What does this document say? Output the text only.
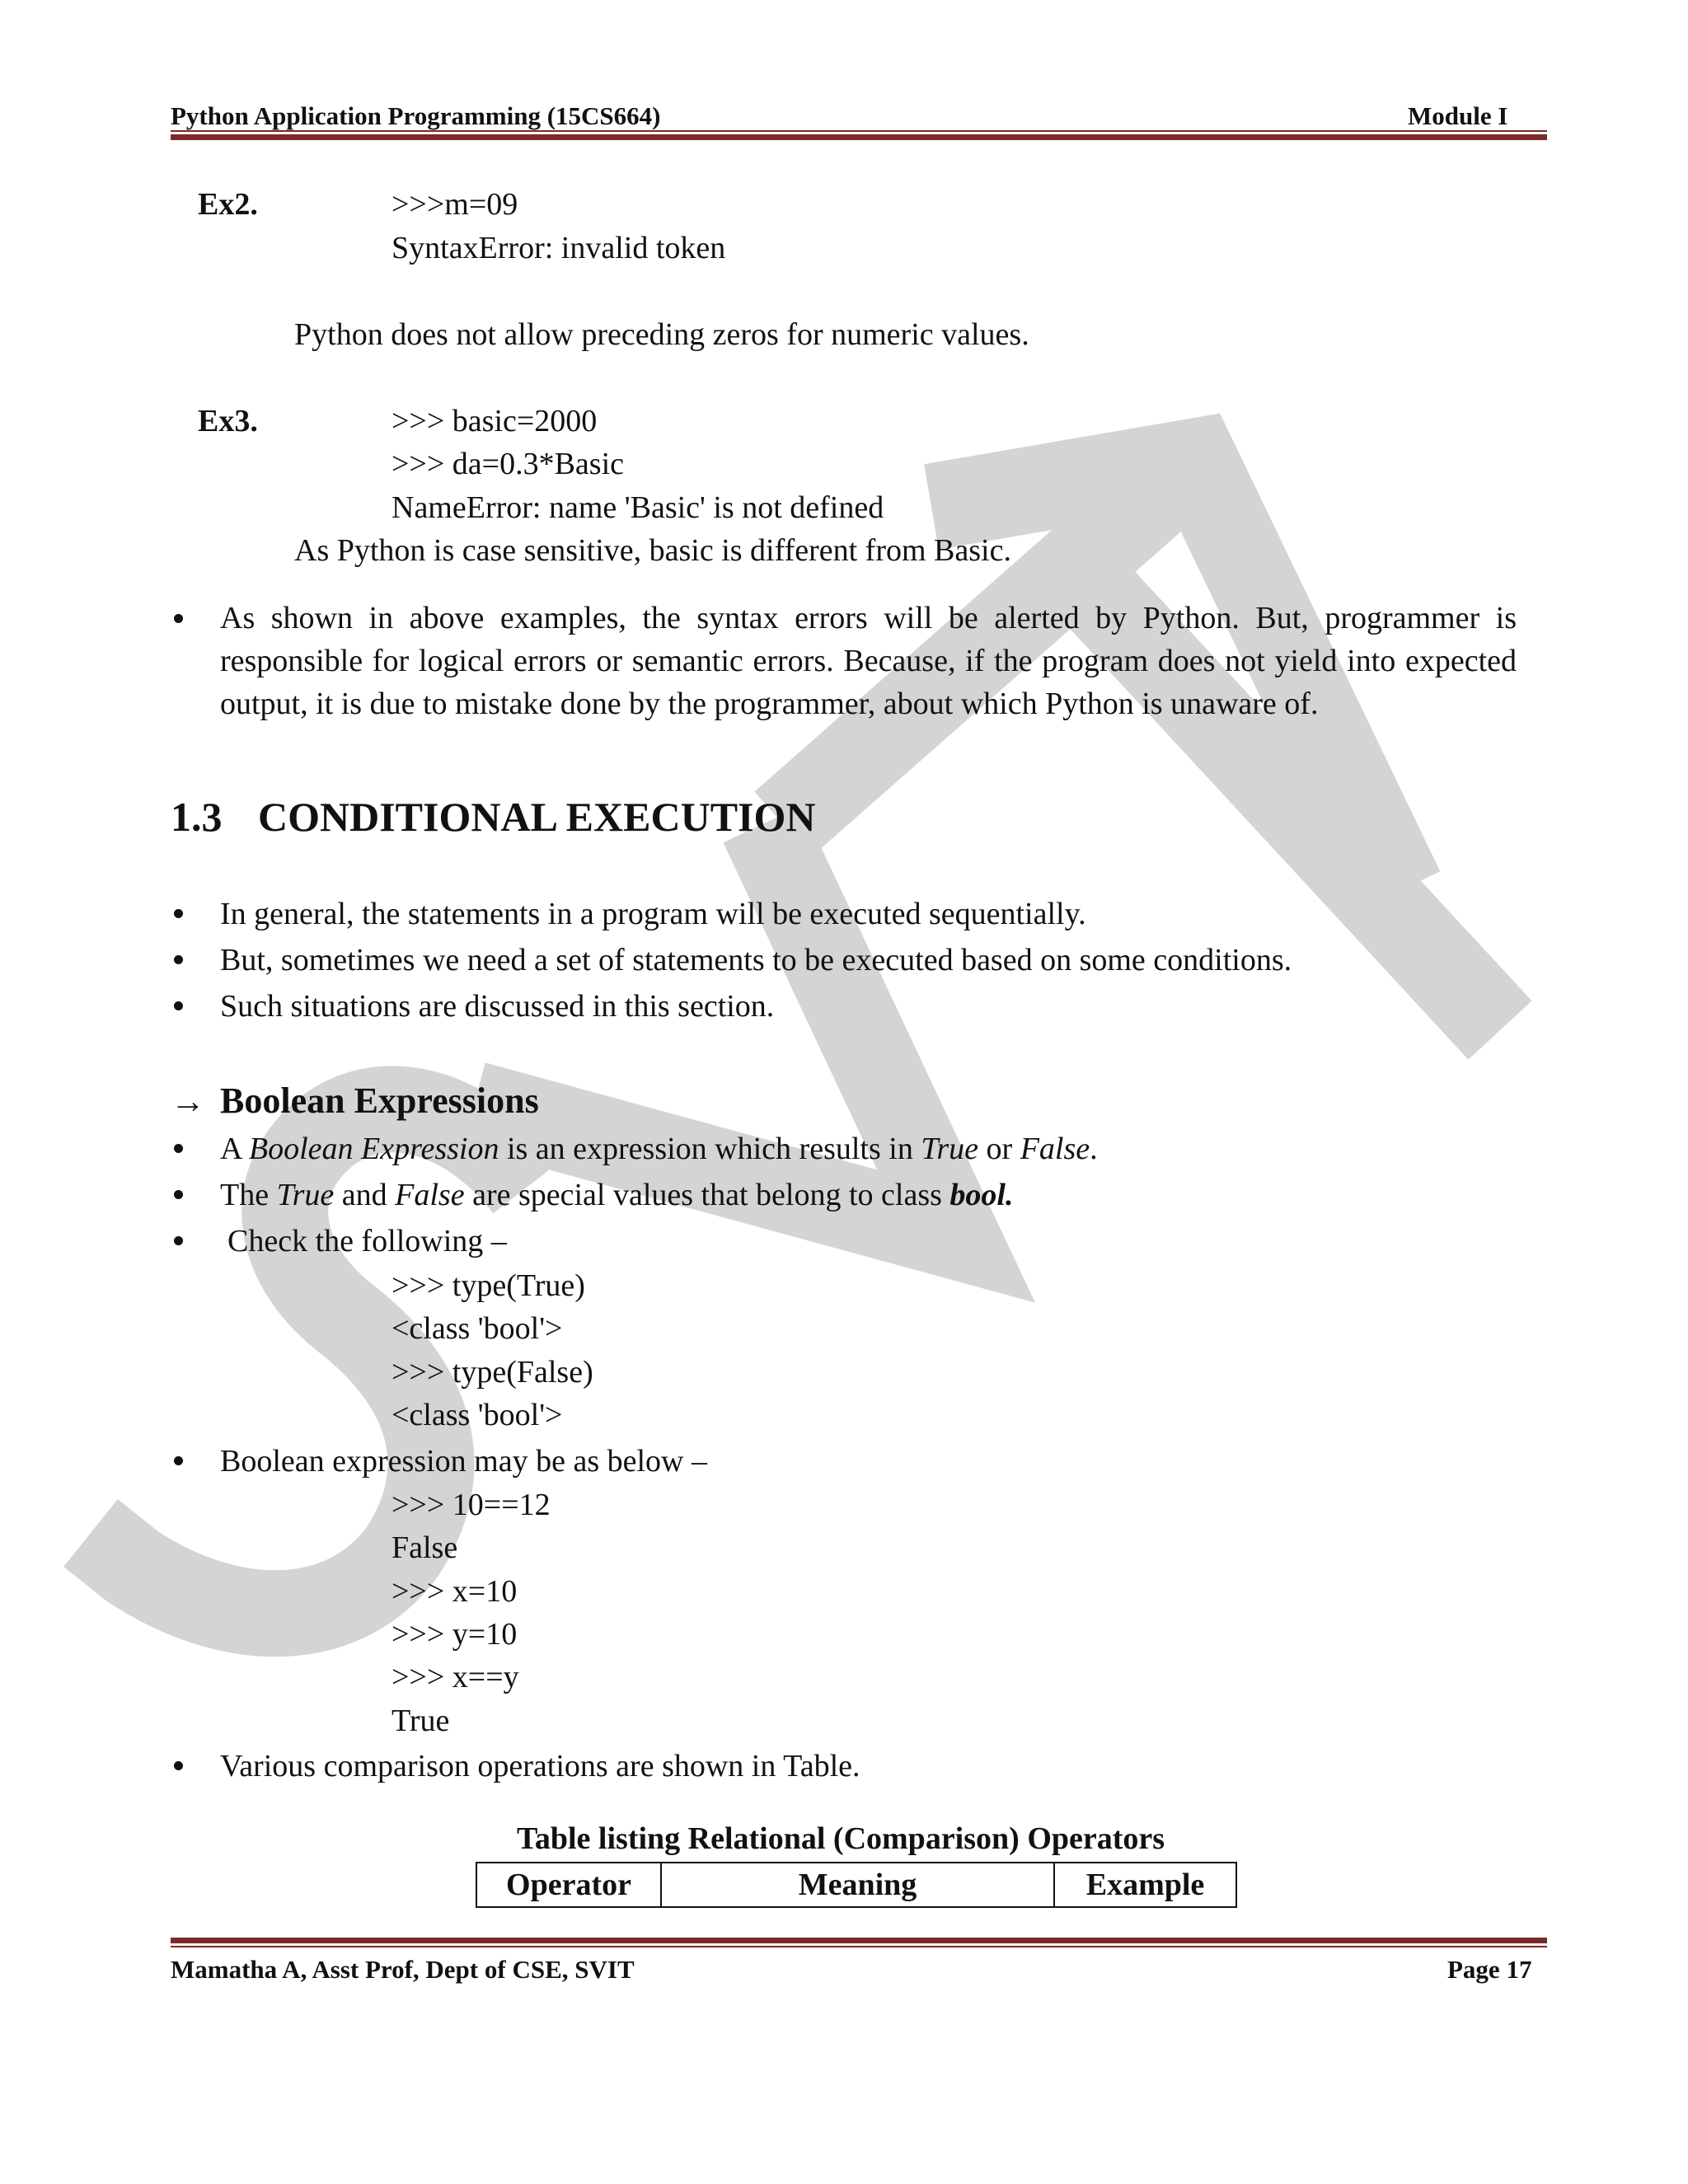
Python Application Programming (15CS664)	Module I
Ex2.	>>>m=09
SyntaxError: invalid token
Python does not allow preceding zeros for numeric values.
Ex3.	>>> basic=2000
>>> da=0.3*Basic
NameError: name 'Basic' is not defined
As Python is case sensitive, basic is different from Basic.
As shown in above examples, the syntax errors will be alerted by Python. But, programmer is responsible for logical errors or semantic errors. Because, if the program does not yield into expected output, it is due to mistake done by the programmer, about which Python is unaware of.
1.3 CONDITIONAL EXECUTION
In general, the statements in a program will be executed sequentially.
But, sometimes we need a set of statements to be executed based on some conditions.
Such situations are discussed in this section.
→ Boolean Expressions
A Boolean Expression is an expression which results in True or False.
The True and False are special values that belong to class bool.
Check the following –
>>> type(True)
<class 'bool'>
>>> type(False)
<class 'bool'>
Boolean expression may be as below –
>>> 10==12
False
>>> x=10
>>> y=10
>>> x==y
True
Various comparison operations are shown in Table.
Table listing Relational (Comparison) Operators
Operator	Meaning	Example
Mamatha A, Asst Prof, Dept of CSE, SVIT	Page 17
